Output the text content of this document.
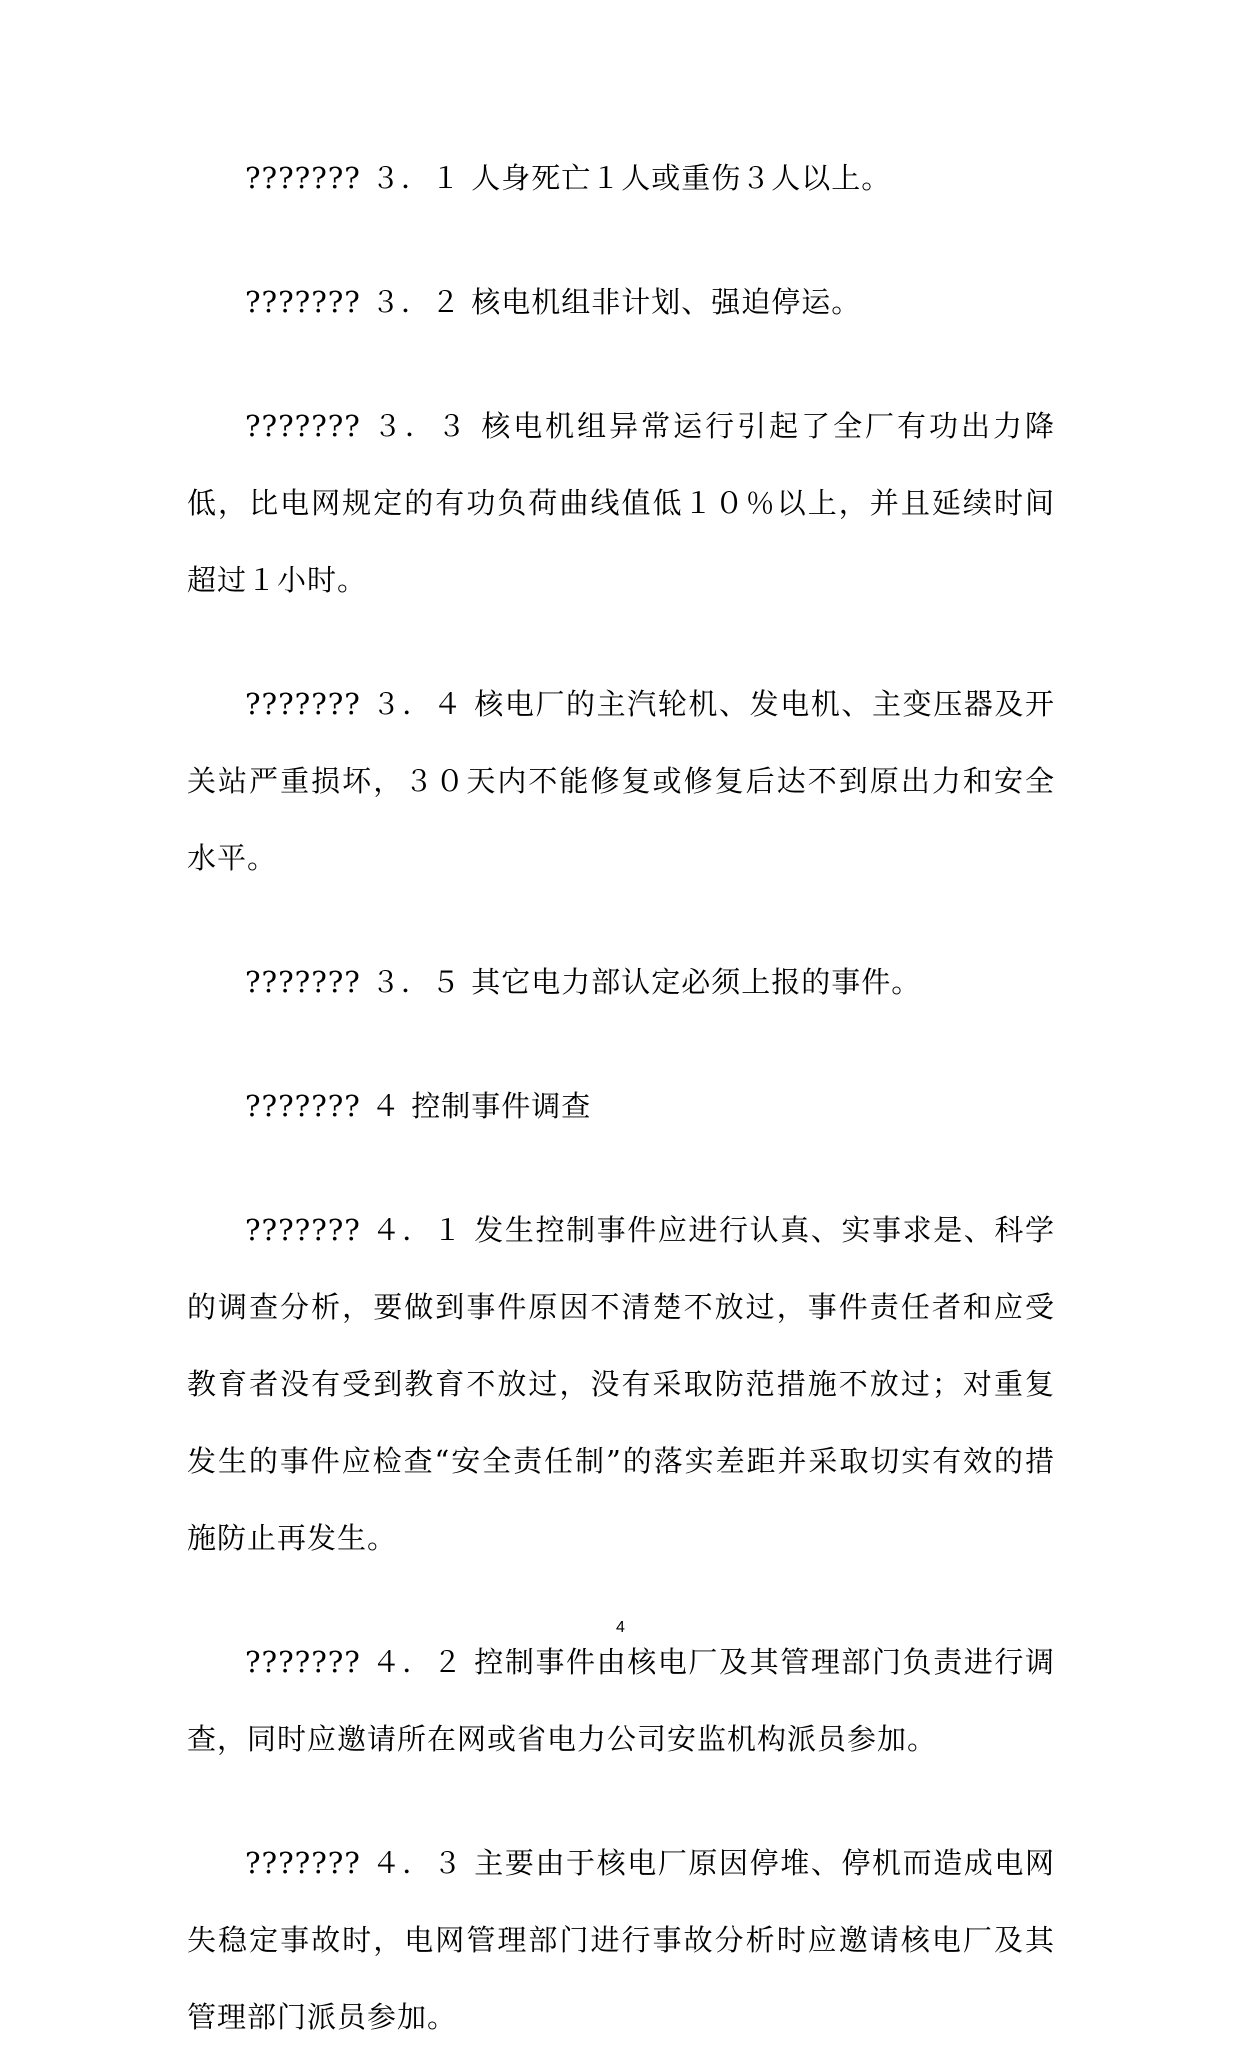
??????? ３．１ 人身死亡１人或重伤３人以上。

??????? ３．２ 核电机组非计划、强迫停运。

??????? ３．３ 核电机组异常运行引起了全厂有功出力降低，比电网规定的有功负荷曲线值低１０％以上，并且延续时间超过１小时。

??????? ３．４ 核电厂的主汽轮机、发电机、主变压器及开关站严重损坏，３０天内不能修复或修复后达不到原出力和安全水平。

??????? ３．５ 其它电力部认定必须上报的事件。

??????? ４ 控制事件调查

??????? ４．１ 发生控制事件应进行认真、实事求是、科学的调查分析，要做到事件原因不清楚不放过，事件责任者和应受教育者没有受到教育不放过，没有采取防范措施不放过；对重复发生的事件应检查“安全责任制”的落实差距并采取切实有效的措施防止再发生。

??????? ４．２ 控制事件由核电厂及其管理部门负责进行调查，同时应邀请所在网或省电力公司安监机构派员参加。

??????? ４．３ 主要由于核电厂原因停堆、停机而造成电网失稳定事故时，电网管理部门进行事故分析时应邀请核电厂及其管理部门派员参加。

4
